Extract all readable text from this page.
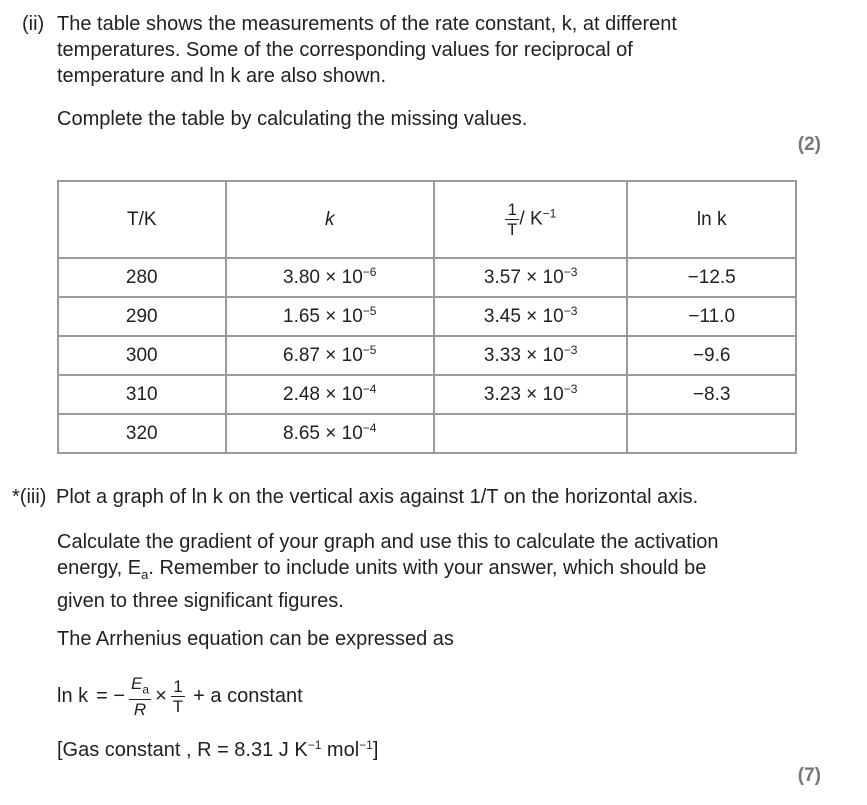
(ii) The table shows the measurements of the rate constant, k, at different
temperatures. Some of the corresponding values for reciprocal of
temperature and ln k are also shown.
Complete the table by calculating the missing values.
(2)
T/K	k	$\frac{1}{T} / K^{-1}$	ln k
280	$3.80 \times 10^{-6}$	$3.57 \times 10^{-3}$	−12.5
290	$1.65 \times 10^{-5}$	$3.45 \times 10^{-3}$	−11.0
300	$6.87 \times 10^{-5}$	$3.33 \times 10^{-3}$	−9.6
310	$2.48 \times 10^{-4}$	$3.23 \times 10^{-3}$	−8.3
320	$8.65 \times 10^{-4}$		
*(iii) Plot a graph of ln k on the vertical axis against 1/T on the horizontal axis.
Calculate the gradient of your graph and use this to calculate the activation
energy, $E_a$. Remember to include units with your answer, which should be
given to three significant figures.
The Arrhenius equation can be expressed as
ln k = − $\frac{E_a}{R} \times \frac{1}{T} + a$ constant
[Gas constant , R = 8.31 J $K^{-1}$ mol$^{-1}$]
(7)
